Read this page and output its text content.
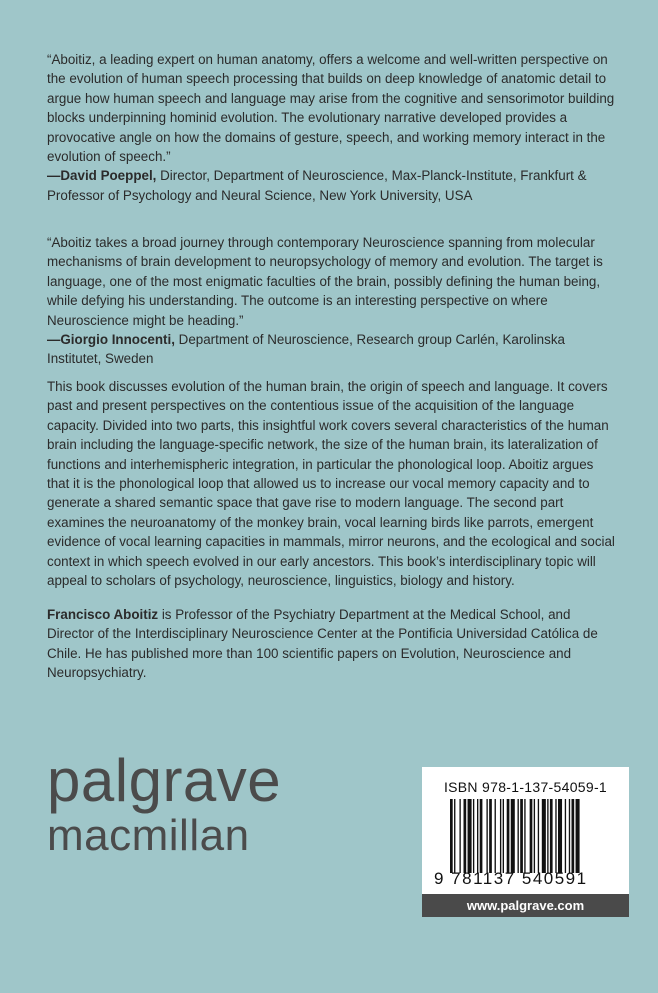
“Aboitiz, a leading expert on human anatomy, offers a welcome and well-written perspective on the evolution of human speech processing that builds on deep knowledge of anatomic detail to argue how human speech and language may arise from the cognitive and sensorimotor building blocks underpinning hominid evolution. The evolutionary narrative developed provides a provocative angle on how the domains of gesture, speech, and working memory interact in the evolution of speech.”

—David Poeppel, Director, Department of Neuroscience, Max-Planck-Institute, Frankfurt & Professor of Psychology and Neural Science, New York University, USA

“Aboitiz takes a broad journey through contemporary Neuroscience spanning from molecular mechanisms of brain development to neuropsychology of memory and evolution. The target is language, one of the most enigmatic faculties of the brain, possibly defining the human being, while defying his understanding. The outcome is an interesting perspective on where Neuroscience might be heading.”

—Giorgio Innocenti, Department of Neuroscience, Research group Carlén, Karolinska Institutet, Sweden

This book discusses evolution of the human brain, the origin of speech and language. It covers past and present perspectives on the contentious issue of the acquisition of the language capacity. Divided into two parts, this insightful work covers several characteristics of the human brain including the language-specific network, the size of the human brain, its lateralization of functions and interhemispheric integration, in particular the phonological loop. Aboitiz argues that it is the phonological loop that allowed us to increase our vocal memory capacity and to generate a shared semantic space that gave rise to modern language. The second part examines the neuroanatomy of the monkey brain, vocal learning birds like parrots, emergent evidence of vocal learning capacities in mammals, mirror neurons, and the ecological and social context in which speech evolved in our early ancestors. This book’s interdisciplinary topic will appeal to scholars of psychology, neuroscience, linguistics, biology and history.

Francisco Aboitiz is Professor of the Psychiatry Department at the Medical School, and Director of the Interdisciplinary Neuroscience Center at the Pontificia Universidad Católica de Chile. He has published more than 100 scientific papers on Evolution, Neuroscience and Neuropsychiatry.

palgrave
macmillan
ISBN 978-1-137-54059-1
9 781137 540591
www.palgrave.com
